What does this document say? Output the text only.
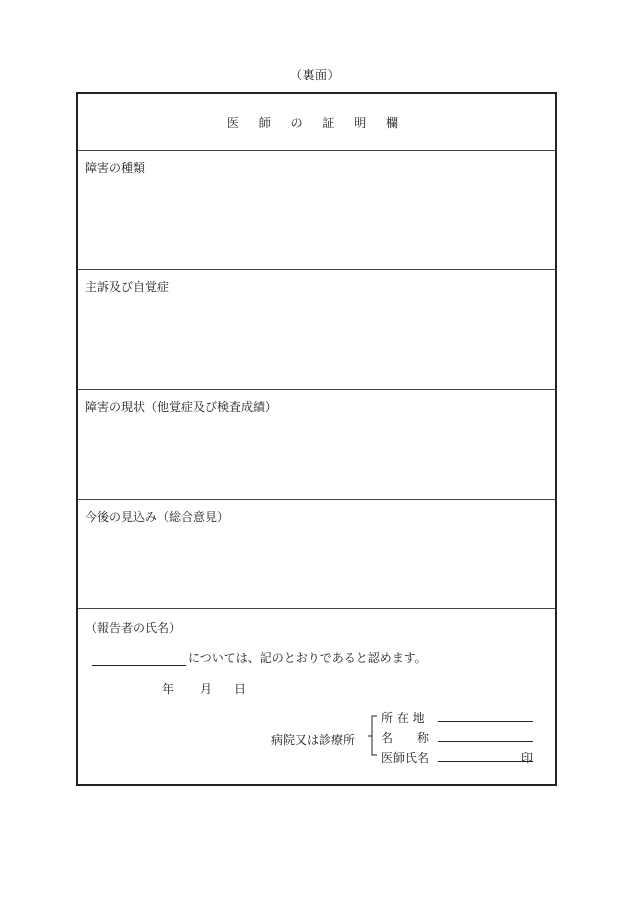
（裏面）
医 師 の 証 明 欄
障害の種類
主訴及び自覚症
障害の現状（他覚症及び検査成績）
今後の見込み（総合意見）
（報告者の氏名）
については、記のとおりであると認めます。
年	月	日
病院又は診療所
所 在 地
名　　称
医師氏名	印
